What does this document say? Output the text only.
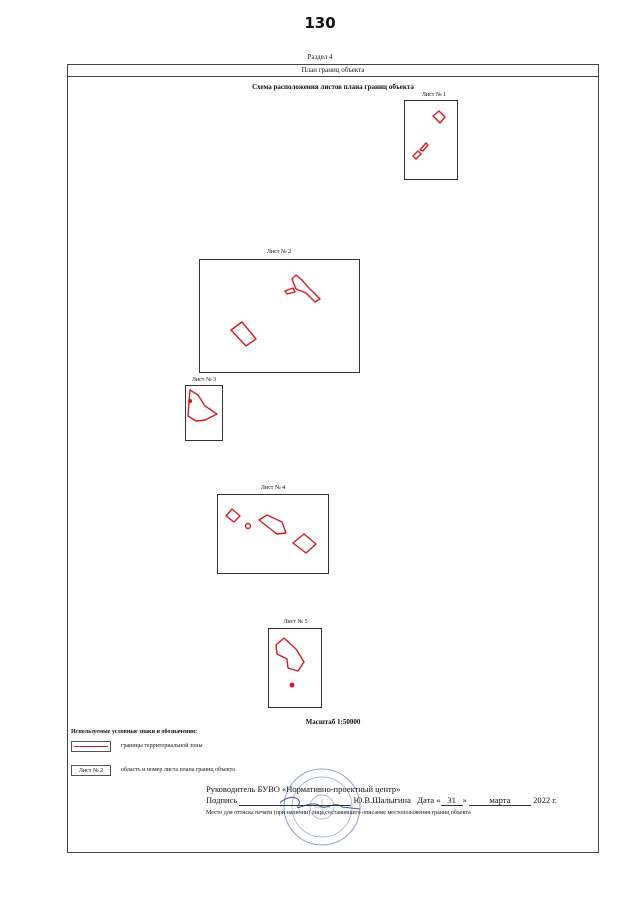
130
Раздел 4
План границ объекта
Схема расположения листов плана границ объекта
Лист № 1
Лист № 2
Лист № 3
Лист № 4
Лист № 5
Масштаб 1:50000
Используемые условные знаки и обозначения:
границы территориальной зоны
Лист № 2	область и номер листа плана границ объекта
Руководитель БУВО «Нормативно-проектный центр»
Подпись	Ю.В.Шалыгина Дата « 31 »	марта	2022 г.
Место для оттиска печати (при наличии) лица,составившего описание местоположения границ объекта
